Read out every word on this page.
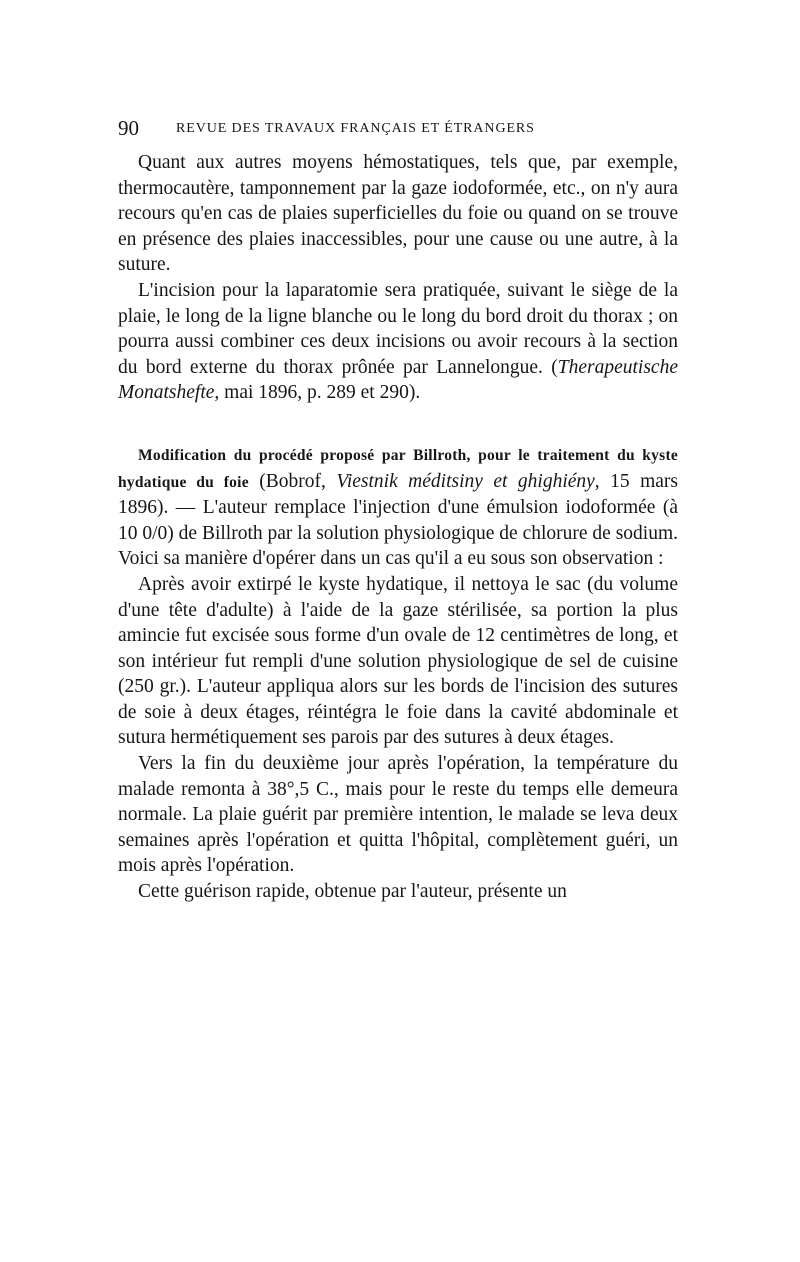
90	REVUE DES TRAVAUX FRANÇAIS ET ÉTRANGERS

Quant aux autres moyens hémostatiques, tels que, par exemple, thermocautère, tamponnement par la gaze iodoformée, etc., on n'y aura recours qu'en cas de plaies superficielles du foie ou quand on se trouve en présence des plaies inaccessibles, pour une cause ou une autre, à la suture.

L'incision pour la laparatomie sera pratiquée, suivant le siège de la plaie, le long de la ligne blanche ou le long du bord droit du thorax ; on pourra aussi combiner ces deux incisions ou avoir recours à la section du bord externe du thorax prônée par Lannelongue. (Therapeutische Monatshefte, mai 1896, p. 289 et 290).

Modification du procédé proposé par Billroth, pour le traitement du kyste hydatique du foie (Bobrof, Viestnik méditsiny et ghighiény, 15 mars 1896). — L'auteur remplace l'injection d'une émulsion iodoformée (à 10 0/0) de Billroth par la solution physiologique de chlorure de sodium. Voici sa manière d'opérer dans un cas qu'il a eu sous son observation :

Après avoir extirpé le kyste hydatique, il nettoya le sac (du volume d'une tête d'adulte) à l'aide de la gaze stérilisée, sa portion la plus amincie fut excisée sous forme d'un ovale de 12 centimètres de long, et son intérieur fut rempli d'une solution physiologique de sel de cuisine (250 gr.). L'auteur appliqua alors sur les bords de l'incision des sutures de soie à deux étages, réintégra le foie dans la cavité abdominale et sutura hermétiquement ses parois par des sutures à deux étages.

Vers la fin du deuxième jour après l'opération, la température du malade remonta à 38°,5 C., mais pour le reste du temps elle demeura normale. La plaie guérit par première intention, le malade se leva deux semaines après l'opération et quitta l'hôpital, complètement guéri, un mois après l'opération.

Cette guérison rapide, obtenue par l'auteur, présente un
